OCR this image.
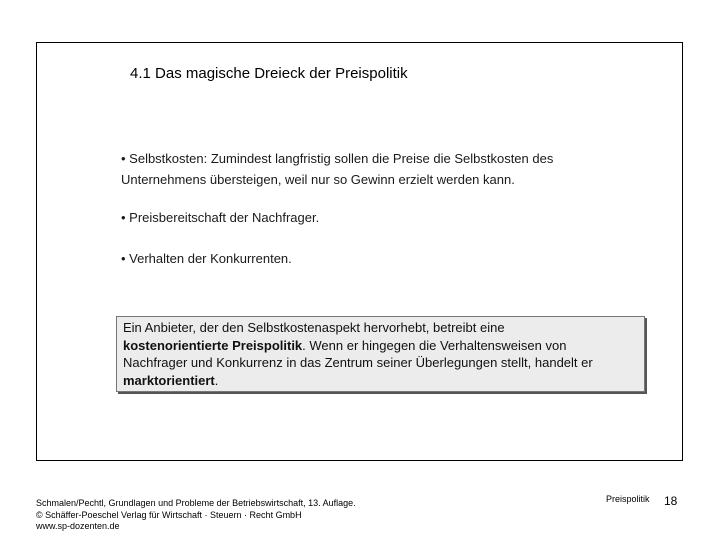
4.1 Das magische Dreieck der Preispolitik
• Selbstkosten: Zumindest langfristig sollen die Preise die Selbstkosten des
Unternehmens übersteigen, weil nur so Gewinn erzielt werden kann.
• Preisbereitschaft der Nachfrager.
• Verhalten der Konkurrenten.
Ein Anbieter, der den Selbstkostenaspekt hervorhebt, betreibt eine
kostenorientierte Preispolitik. Wenn er hingegen die Verhaltensweisen von
Nachfrager und Konkurrenz in das Zentrum seiner Überlegungen stellt, handelt er
marktorientiert.
Schmalen/Pechtl, Grundlagen und Probleme der Betriebswirtschaft, 13. Auflage.
© Schäffer-Poeschel Verlag für Wirtschaft · Steuern · Recht GmbH
www.sp-dozenten.de
Preispolitik 18
